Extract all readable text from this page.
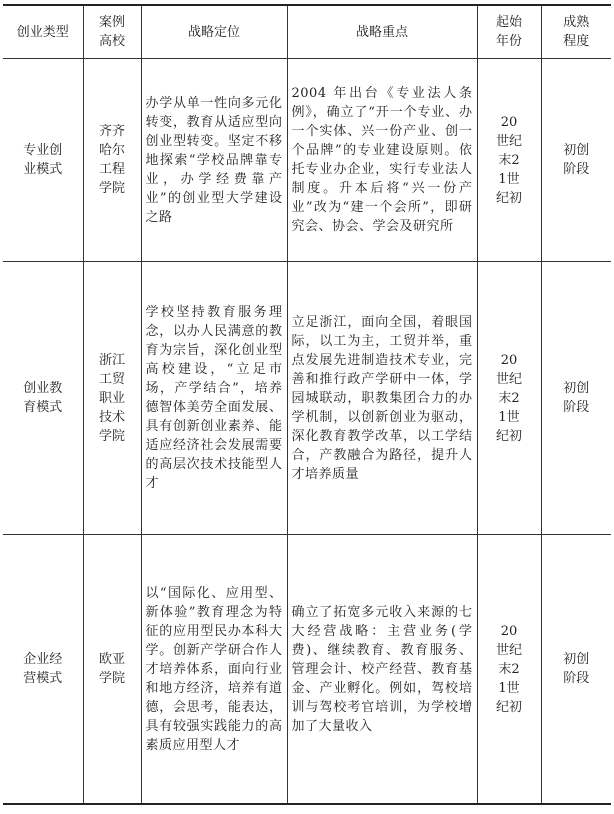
创业类型	案例高校	战略定位	战略重点	起始年份	成熟程度
专业创业模式	齐齐哈尔工程学院	办学从单一性向多元化转变，教育从适应型向创业型转变。坚定不移地探索“学校品牌靠专业，办学经费靠产业”的创业型大学建设之路	2004 年出台《专业法人条例》，确立了“开一个专业、办一个实体、兴一份产业、创一个品牌”的专业建设原则。依托专业办企业，实行专业法人制度。升本后将“兴一份产业”改为“建一个会所”，即研究会、协会、学会及研究所	20世纪末21世纪初	初创阶段
创业教育模式	浙江工贸职业技术学院	学校坚持教育服务理念，以办人民满意的教育为宗旨，深化创业型高校建设，“立足市场，产学结合”，培养德智体美劳全面发展、具有创新创业素养、能适应经济社会发展需要的高层次技术技能型人才	立足浙江，面向全国，着眼国际，以工为主，工贸并举，重点发展先进制造技术专业，完善和推行政产学研中一体，学园城联动，职教集团合力的办学机制，以创新创业为驱动，深化教育教学改革，以工学结合，产教融合为路径，提升人才培养质量	20世纪末21世纪初	初创阶段
企业经营模式	欧亚学院	以“国际化、应用型、新体验”教育理念为特征的应用型民办本科大学。创新产学研合作人才培养体系，面向行业和地方经济，培养有道德，会思考，能表达，具有较强实践能力的高素质应用型人才	确立了拓宽多元收入来源的七大经营战略：主营业务(学费)、继续教育、教育服务、管理会计、校产经营、教育基金、产业孵化。例如，驾校培训与驾校考官培训，为学校增加了大量收入	20世纪末21世纪初	初创阶段
